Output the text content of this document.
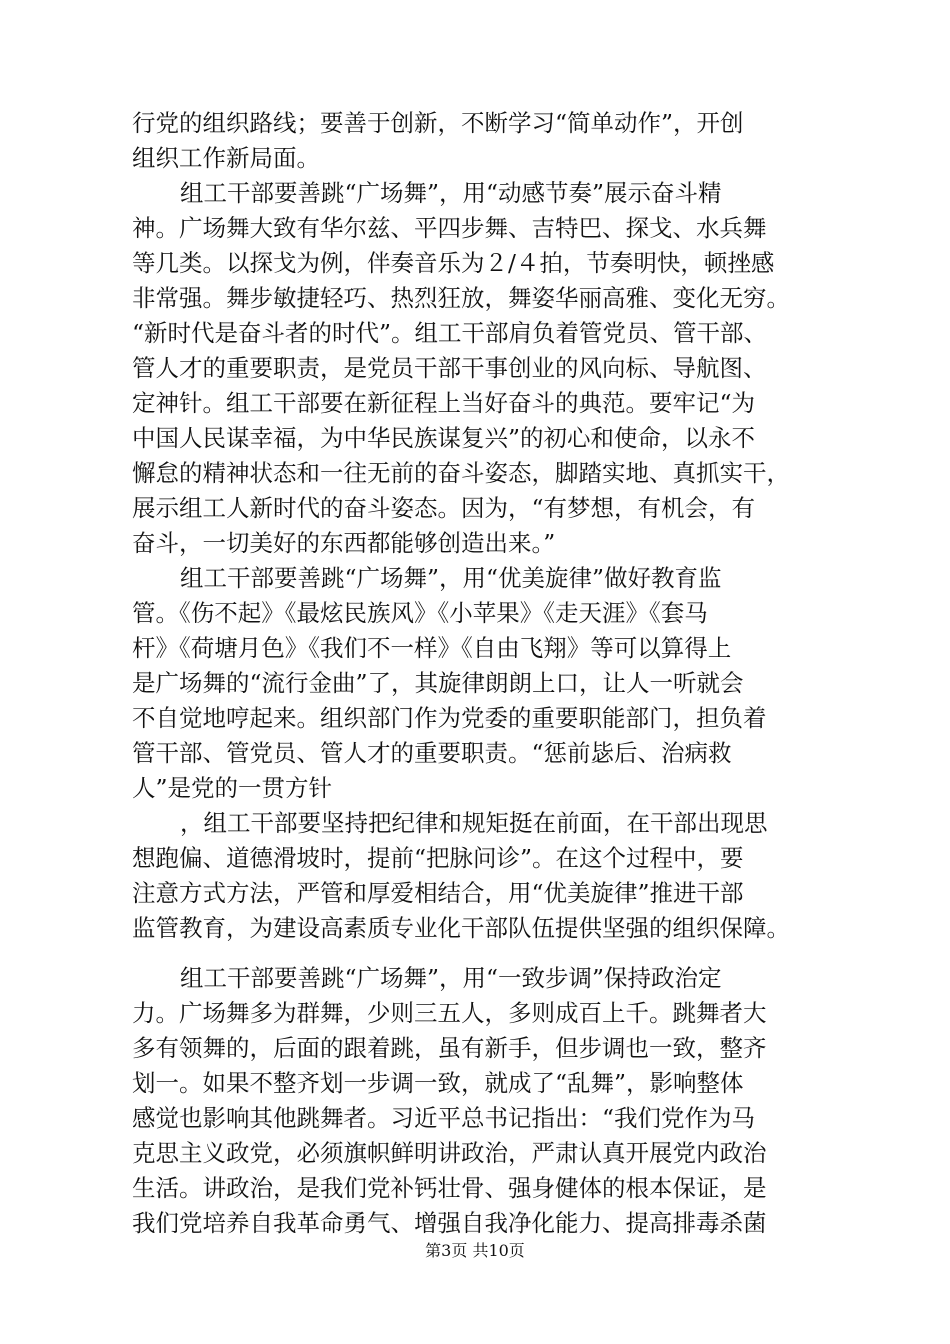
行党的组织路线；要善于创新，不断学习“简单动作”，开创
组织工作新局面。
组工干部要善跳“广场舞”，用“动感节奏”展示奋斗精
神。广场舞大致有华尔兹、平四步舞、吉特巴、探戈、水兵舞
等几类。以探戈为例，伴奏音乐为２/４拍，节奏明快，顿挫感
非常强。舞步敏捷轻巧、热烈狂放，舞姿华丽高雅、变化无穷。
“新时代是奋斗者的时代”。组工干部肩负着管党员、管干部、
管人才的重要职责，是党员干部干事创业的风向标、导航图、
定神针。组工干部要在新征程上当好奋斗的典范。要牢记“为
中国人民谋幸福，为中华民族谋复兴”的初心和使命，以永不
懈怠的精神状态和一往无前的奋斗姿态，脚踏实地、真抓实干，
展示组工人新时代的奋斗姿态。因为，“有梦想，有机会，有
奋斗，一切美好的东西都能够创造出来。”
组工干部要善跳“广场舞”，用“优美旋律”做好教育监
管。《伤不起》《最炫民族风》《小苹果》《走天涯》《套马
杆》《荷塘月色》《我们不一样》《自由飞翔》等可以算得上
是广场舞的“流行金曲”了，其旋律朗朗上口，让人一听就会
不自觉地哼起来。组织部门作为党委的重要职能部门，担负着
管干部、管党员、管人才的重要职责。“惩前毖后、治病救
人”是党的一贯方针
，组工干部要坚持把纪律和规矩挺在前面，在干部出现思
想跑偏、道德滑坡时，提前“把脉问诊”。在这个过程中，要
注意方式方法，严管和厚爱相结合，用“优美旋律”推进干部
监管教育，为建设高素质专业化干部队伍提供坚强的组织保障。
组工干部要善跳“广场舞”，用“一致步调”保持政治定
力。广场舞多为群舞，少则三五人，多则成百上千。跳舞者大
多有领舞的，后面的跟着跳，虽有新手，但步调也一致，整齐
划一。如果不整齐划一步调一致，就成了“乱舞”，影响整体
感觉也影响其他跳舞者。习近平总书记指出：“我们党作为马
克思主义政党，必须旗帜鲜明讲政治，严肃认真开展党内政治
生活。讲政治，是我们党补钙壮骨、强身健体的根本保证，是
我们党培养自我革命勇气、增强自我净化能力、提高排毒杀菌
第3页 共10页
